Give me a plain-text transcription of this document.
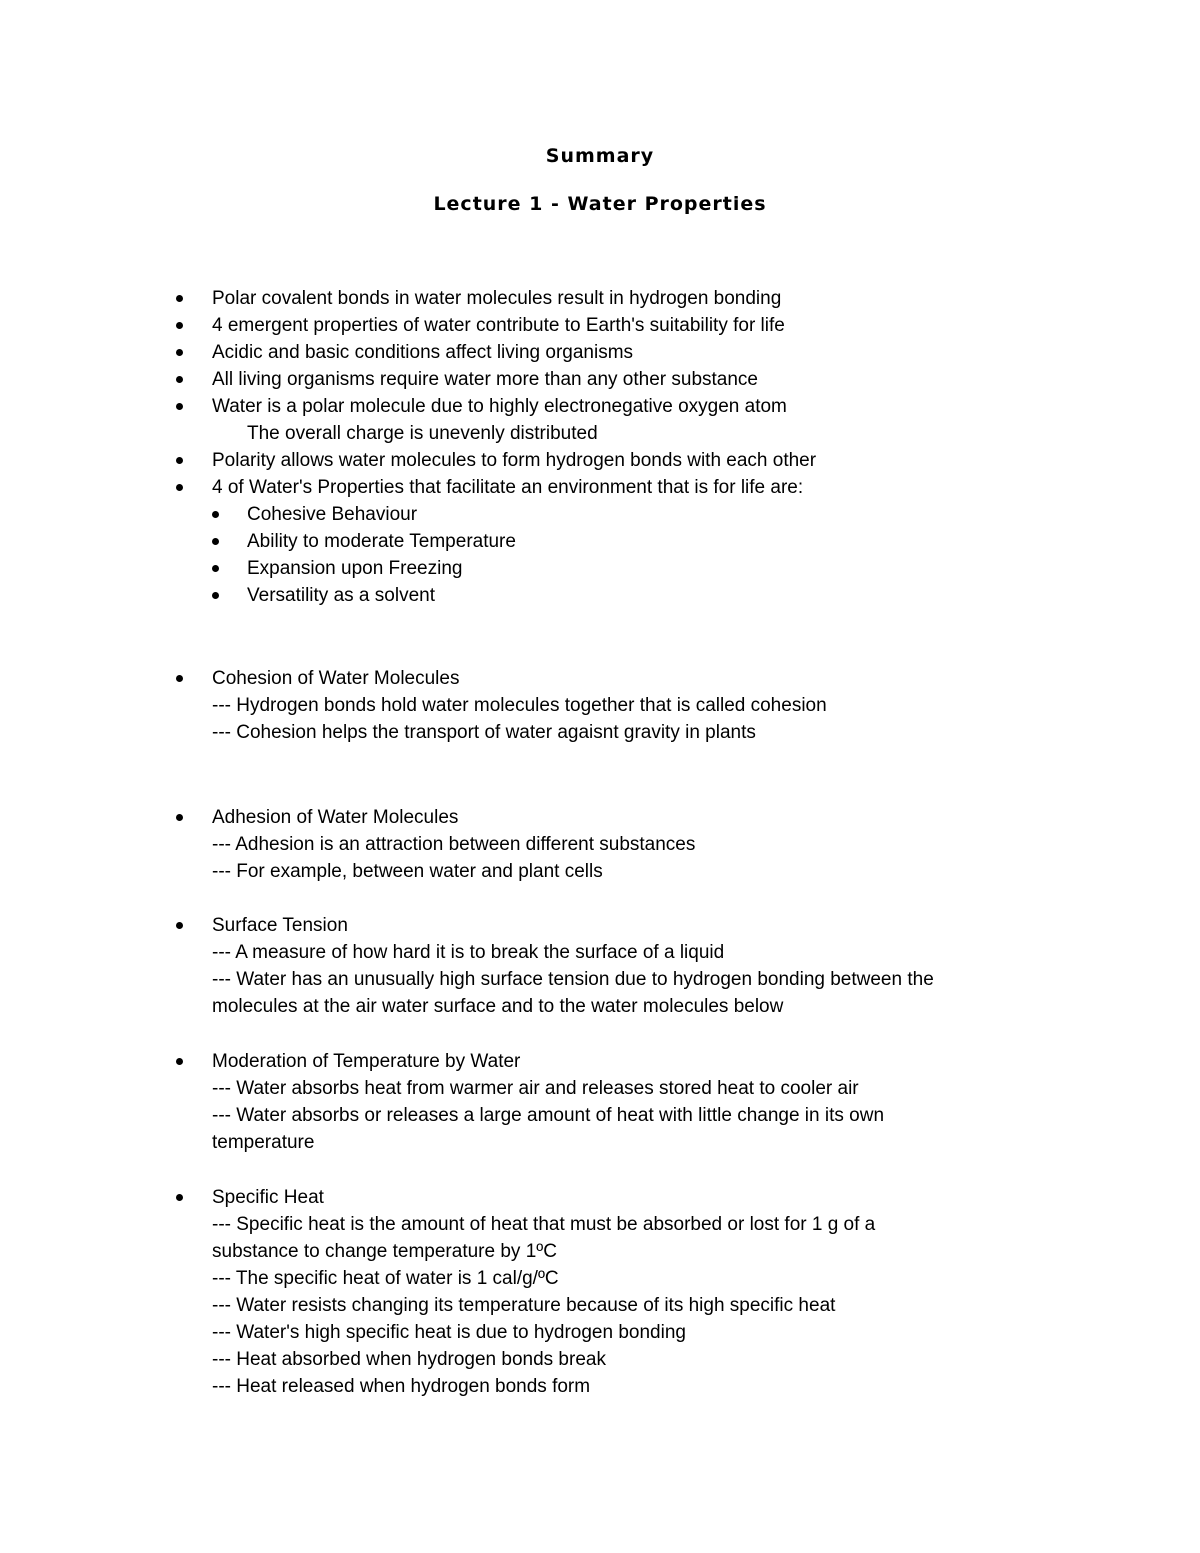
Summary
Lecture 1 - Water Properties
Polar covalent bonds in water molecules result in hydrogen bonding
4 emergent properties of water contribute to Earth's suitability for life
Acidic and basic conditions affect living organisms
All living organisms require water more than any other substance
Water is a polar molecule due to highly electronegative oxygen atom
The overall charge is unevenly distributed
Polarity allows water molecules to form hydrogen bonds with each other
4 of Water's Properties that facilitate an environment that is for life are:
Cohesive Behaviour
Ability to moderate Temperature
Expansion upon Freezing
Versatility as a solvent
Cohesion of Water Molecules
--- Hydrogen bonds hold water molecules together that is called cohesion
--- Cohesion helps the transport of water agaisnt gravity in plants
Adhesion of Water Molecules
--- Adhesion is an attraction between different substances
--- For example, between water and plant cells
Surface Tension
--- A measure of how hard it is to break the surface of a liquid
--- Water has an unusually high surface tension due to hydrogen bonding between the
molecules at the air water surface and to the water molecules below
Moderation of Temperature by Water
--- Water absorbs heat from warmer air and releases stored heat to cooler air
--- Water absorbs or releases a large amount of heat with little change in its own
temperature
Specific Heat
--- Specific heat is the amount of heat that must be absorbed or lost for 1 g of a
substance to change temperature by 1ºC
--- The specific heat of water is 1 cal/g/ºC
--- Water resists changing its temperature because of its high specific heat
--- Water's high specific heat is due to hydrogen bonding
--- Heat absorbed when hydrogen bonds break
--- Heat released when hydrogen bonds form
